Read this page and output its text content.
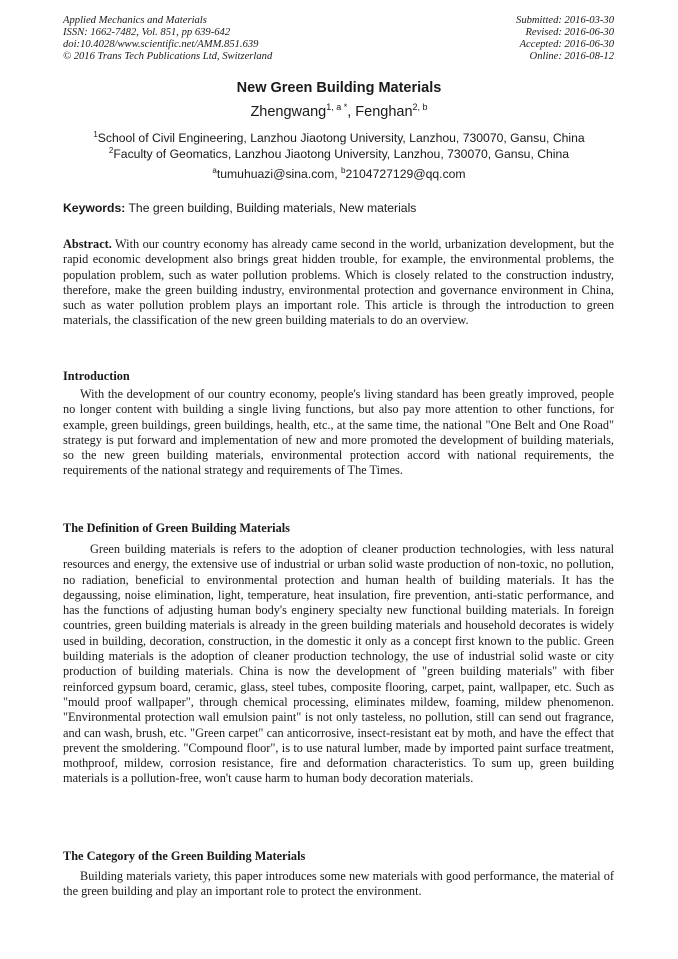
Applied Mechanics and Materials
ISSN: 1662-7482, Vol. 851, pp 639-642
doi:10.4028/www.scientific.net/AMM.851.639
© 2016 Trans Tech Publications Ltd, Switzerland
Submitted: 2016-03-30
Revised: 2016-06-30
Accepted: 2016-06-30
Online: 2016-08-12
New Green Building Materials
Zhengwang$^{1, a *}$, Fenghan$^{2, b}$
$^1$School of Civil Engineering, Lanzhou Jiaotong University, Lanzhou, 730070, Gansu, China
$^2$Faculty of Geomatics, Lanzhou Jiaotong University, Lanzhou, 730070, Gansu, China
$^a$tumuhuazi@sina.com, $^b$2104727129@qq.com
Keywords: The green building, Building materials, New materials
Abstract. With our country economy has already came second in the world, urbanization development, but the rapid economic development also brings great hidden trouble, for example, the environmental problems, the population problem, such as water pollution problems. Which is closely related to the construction industry, therefore, make the green building industry, environmental protection and governance environment in China, such as water pollution problem plays an important role. This article is through the introduction to green materials, the classification of the new green building materials to do an overview.
Introduction
With the development of our country economy, people's living standard has been greatly improved, people no longer content with building a single living functions, but also pay more attention to other functions, for example, green buildings, green buildings, health, etc., at the same time, the national "One Belt and One Road" strategy is put forward and implementation of new and more promoted the development of building materials, so the new green building materials, environmental protection accord with national requirements, the requirements of the national strategy and requirements of The Times.
The Definition of Green Building Materials
Green building materials is refers to the adoption of cleaner production technologies, with less natural resources and energy, the extensive use of industrial or urban solid waste production of non-toxic, no pollution, no radiation, beneficial to environmental protection and human health of building materials. It has the degaussing, noise elimination, light, temperature, heat insulation, fire prevention, anti-static performance, and has the functions of adjusting human body's enginery specialty new functional building materials. In foreign countries, green building materials is already in the green building materials and household decorates is widely used in building, decoration, construction, in the domestic it only as a concept first known to the public. Green building materials is the adoption of cleaner production technology, the use of industrial solid waste or city production of building materials. China is now the development of "green building materials" with fiber reinforced gypsum board, ceramic, glass, steel tubes, composite flooring, carpet, paint, wallpaper, etc. Such as "mould proof wallpaper", through chemical processing, eliminates mildew, foaming, mildew phenomenon. "Environmental protection wall emulsion paint" is not only tasteless, no pollution, still can send out fragrance, and can wash, brush, etc. "Green carpet" can anticorrosive, insect-resistant eat by moth, and have the effect that prevent the smoldering. "Compound floor", is to use natural lumber, made by imported paint surface treatment, mothproof, mildew, corrosion resistance, fire and deformation characteristics. To sum up, green building materials is a pollution-free, won't cause harm to human body decoration materials.
The Category of the Green Building Materials
Building materials variety, this paper introduces some new materials with good performance, the material of the green building and play an important role to protect the environment.
